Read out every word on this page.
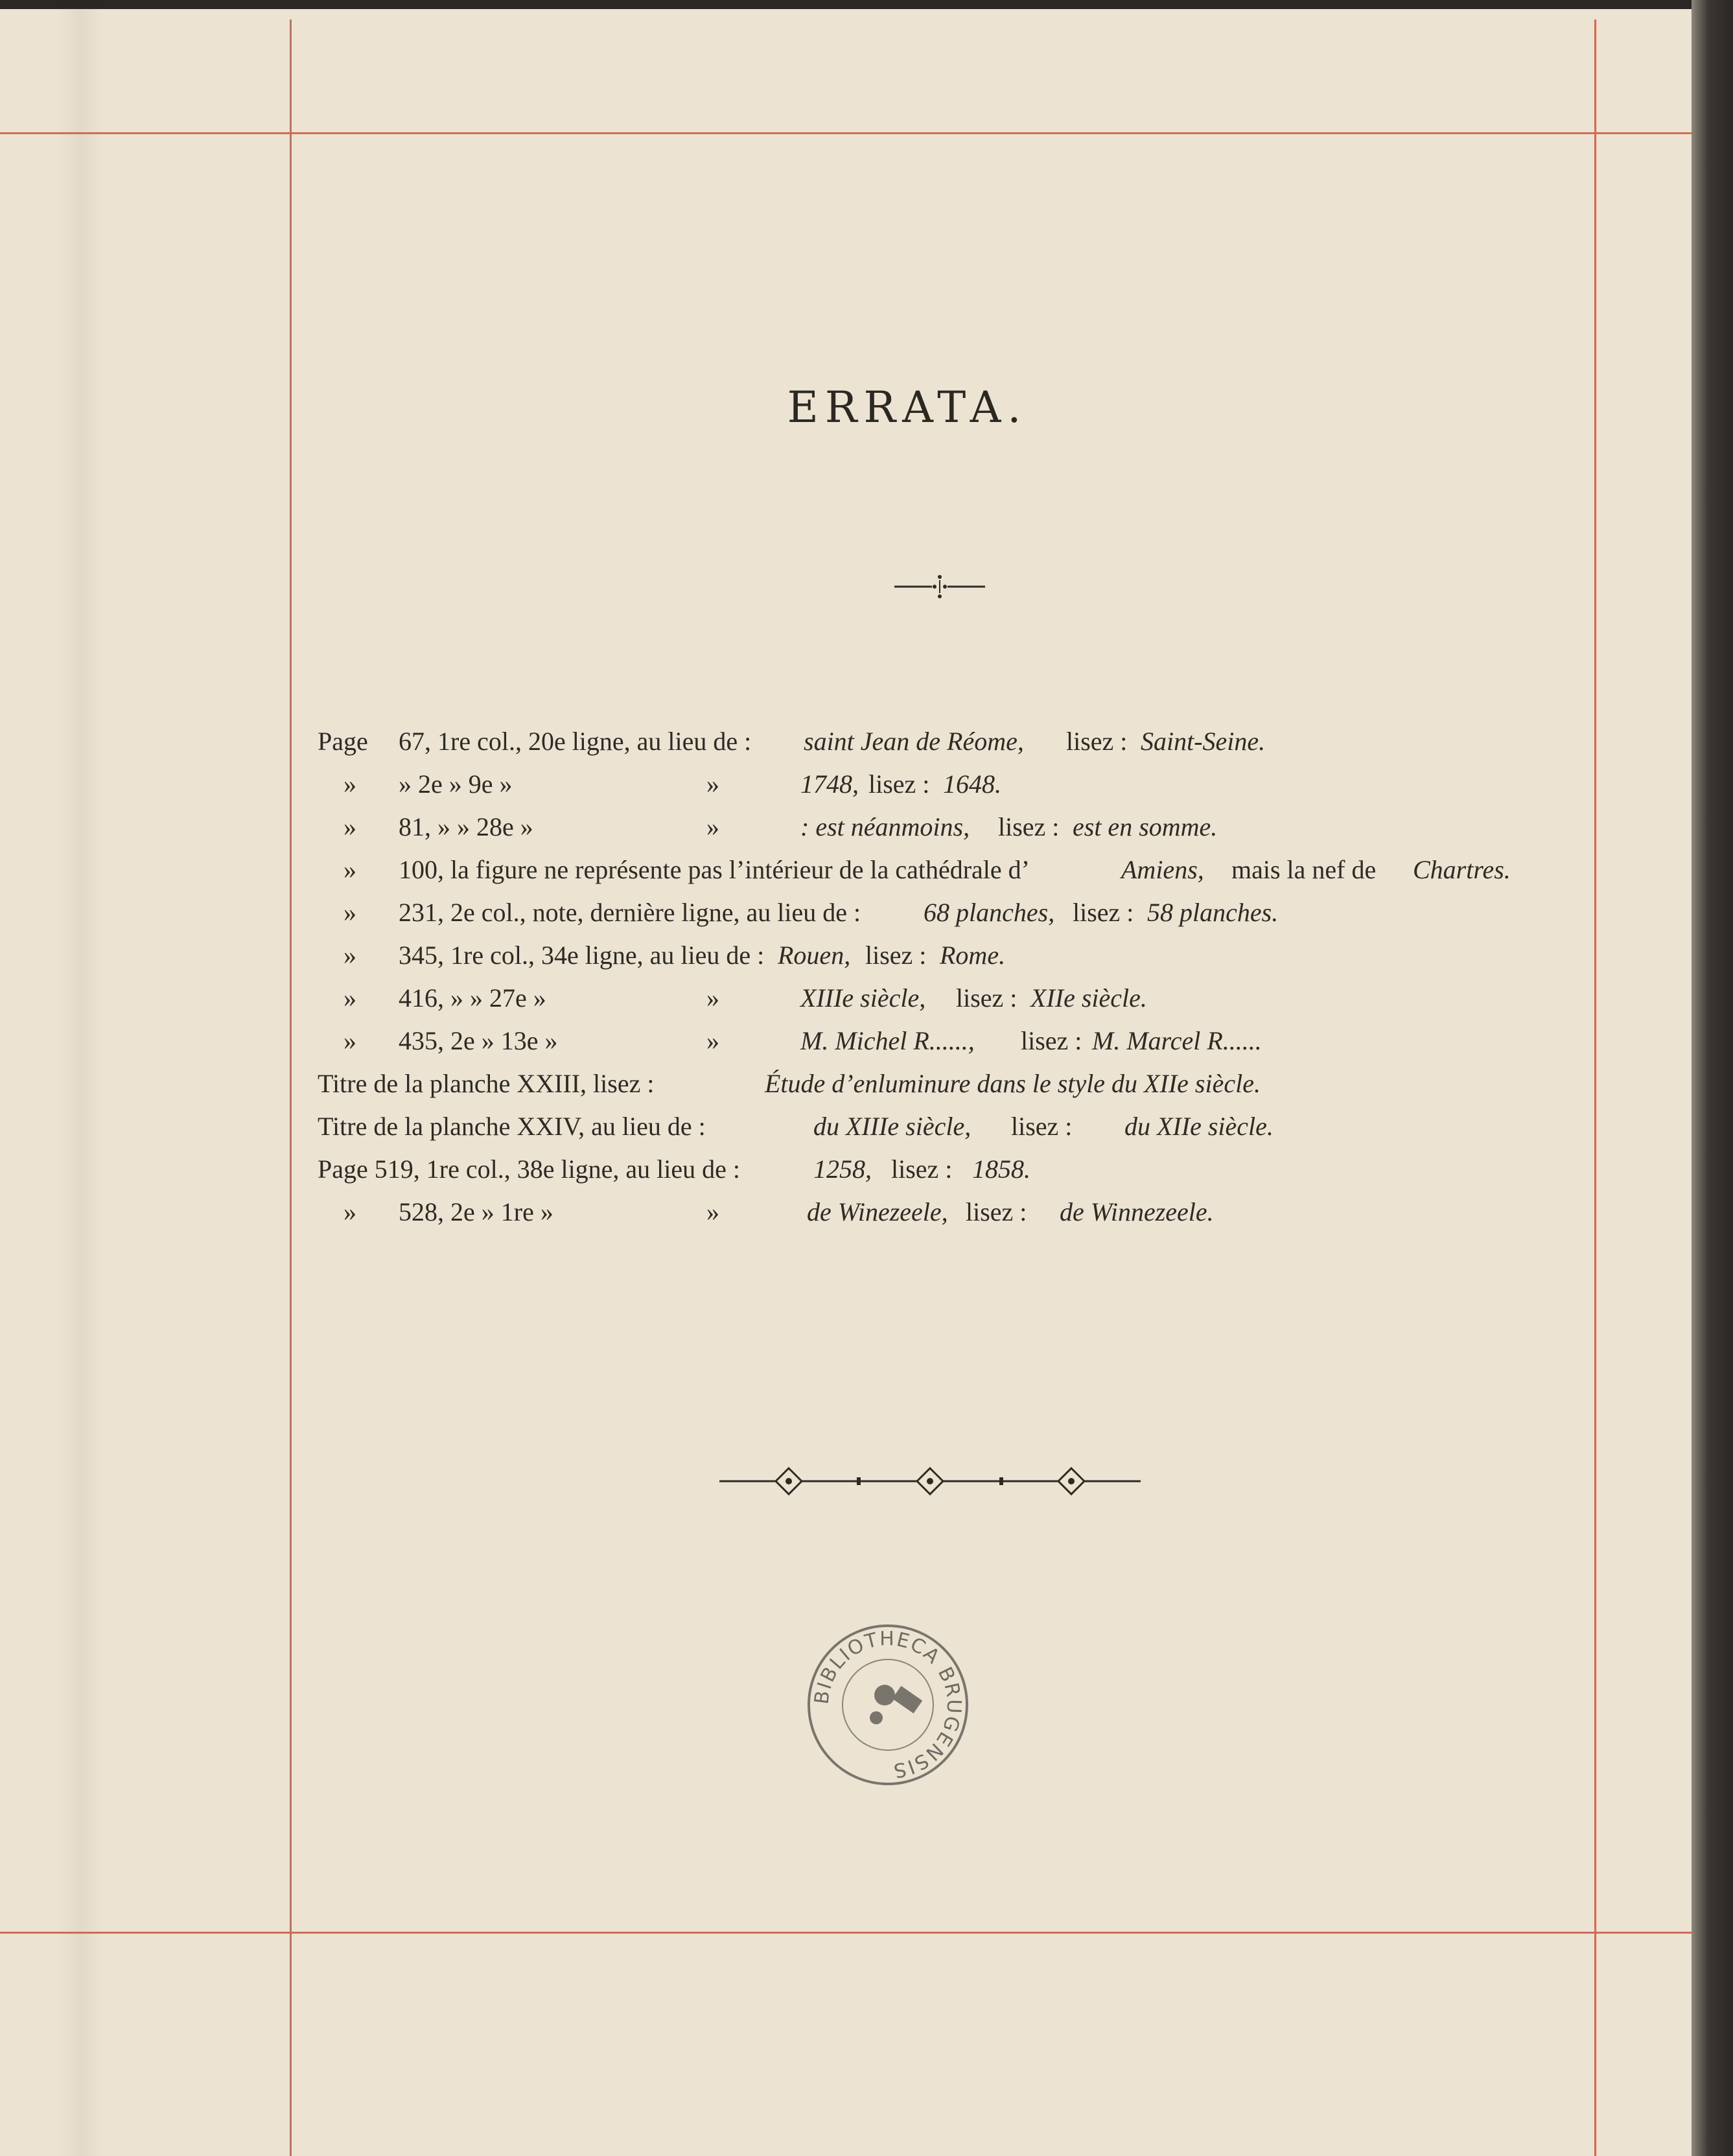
ERRATA.
Page 67, 1re col., 20e ligne, au lieu de : saint Jean de Réome, lisez : Saint-Seine.
» » 2e » 9e »	»	1748, lisez : 1648.
» 81, » » 28e »	»	: est néanmoins, lisez : est en somme.
» 100, la figure ne représente pas l’intérieur de la cathédrale d’	Amiens, mais la nef de Chartres.
» 231, 2e col., note, dernière ligne, au lieu de : 68 planches, lisez : 58 planches.
» 345, 1re col., 34e ligne, au lieu de : Rouen, lisez : Rome.
» 416, » » 27e »	»	XIIIe siècle, lisez : XIIe siècle.
» 435, 2e » 13e »	»	M. Michel R......, lisez : M. Marcel R......
Titre de la planche XXIII, lisez :	Étude d’enluminure dans le style du XIIe siècle.
Titre de la planche XXIV, au lieu de :	du XIIIe siècle, lisez : du XIIe siècle.
Page 519, 1re col., 38e ligne, au lieu de :	1258, lisez : 1858.
» 528, 2e » 1re »	»	de Winezeele, lisez : de Winnezeele.
BIBLIOTHECA BRUGENSIS
